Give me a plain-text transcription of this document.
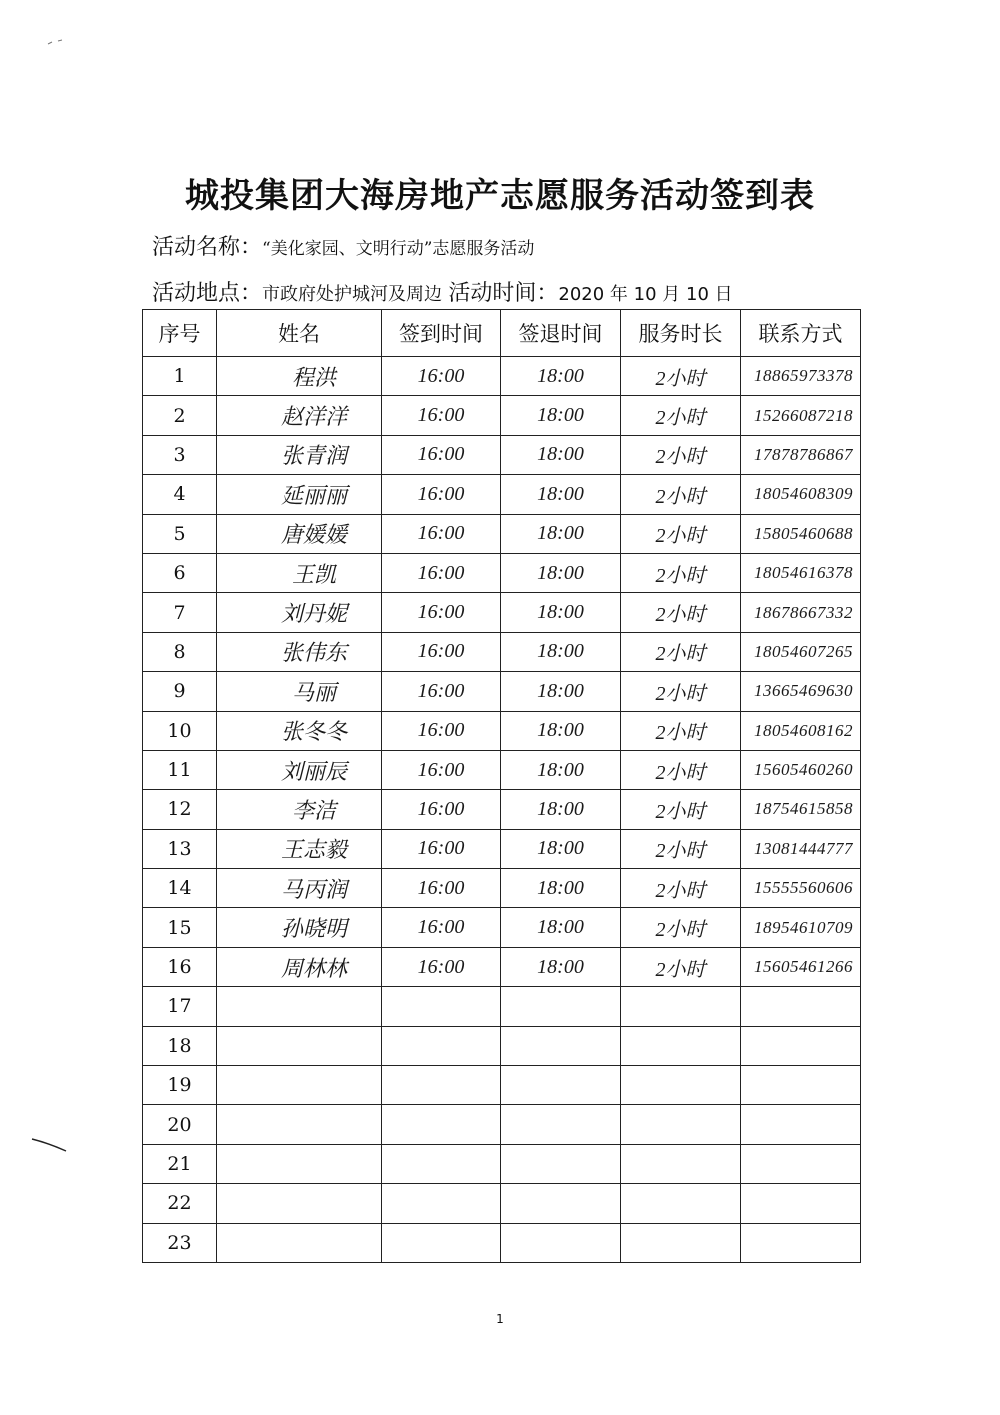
城投集团大海房地产志愿服务活动签到表
活动名称：“美化家园、文明行动”志愿服务活动
活动地点：市政府处护城河及周边 活动时间：2020 年 10 月 10 日
序号	姓名	签到时间	签退时间	服务时长	联系方式
1	程洪	16:00	18:00	2小时	18865973378
2	赵洋洋	16:00	18:00	2小时	15266087218
3	张青润	16:00	18:00	2小时	17878786867
4	延丽丽	16:00	18:00	2小时	18054608309
5	唐媛媛	16:00	18:00	2小时	15805460688
6	王凯	16:00	18:00	2小时	18054616378
7	刘丹妮	16:00	18:00	2小时	18678667332
8	张伟东	16:00	18:00	2小时	18054607265
9	马丽	16:00	18:00	2小时	13665469630
10	张冬冬	16:00	18:00	2小时	18054608162
11	刘丽辰	16:00	18:00	2小时	15605460260
12	李洁	16:00	18:00	2小时	18754615858
13	王志毅	16:00	18:00	2小时	13081444777
14	马丙润	16:00	18:00	2小时	15555560606
15	孙晓明	16:00	18:00	2小时	18954610709
16	周林林	16:00	18:00	2小时	15605461266
17					
18					
19					
20					
21					
22					
23					
1
